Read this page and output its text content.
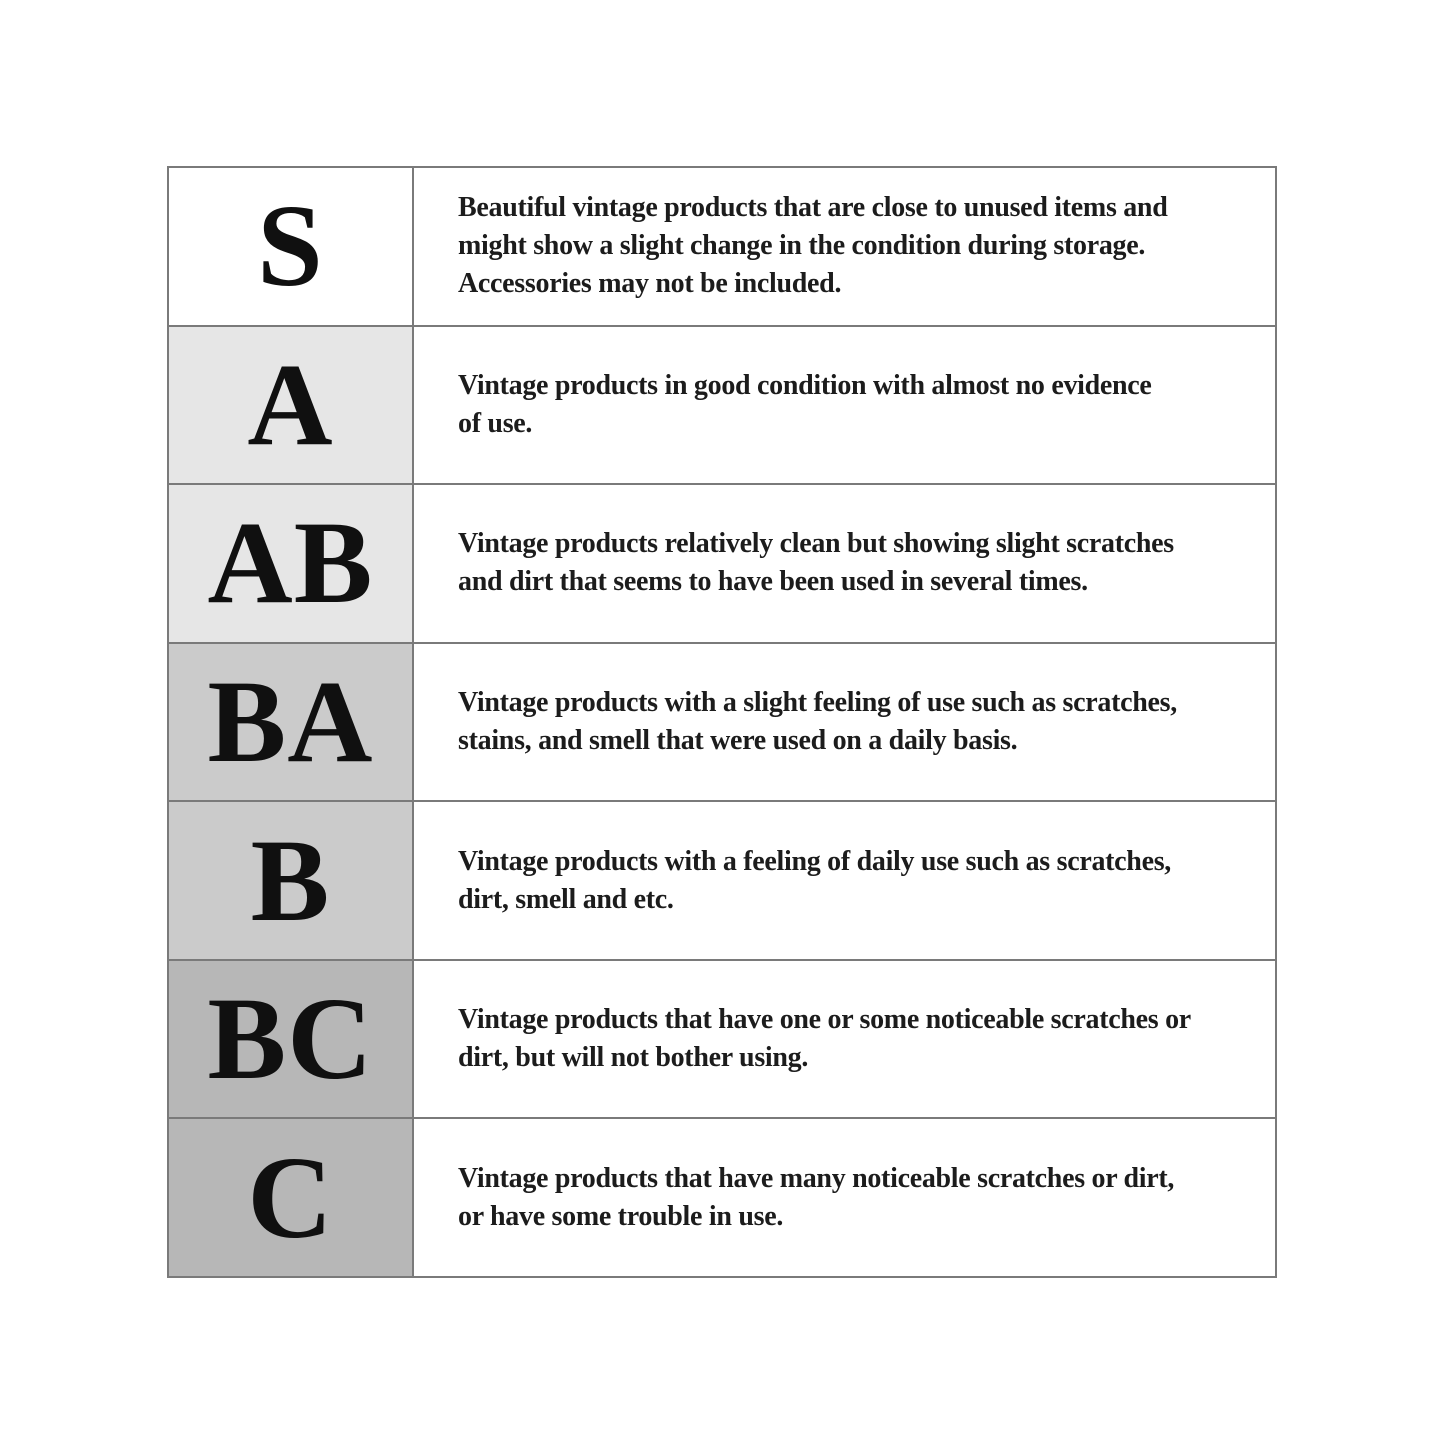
S	Beautiful vintage products that are close to unused items and
might show a slight change in the condition during storage.
Accessories may not be included.
A	Vintage products in good condition with almost no evidence
of use.
AB	Vintage products relatively clean but showing slight scratches
and dirt that seems to have been used in several times.
BA	Vintage products with a slight feeling of use such as scratches,
stains, and smell that were used on a daily basis.
B	Vintage products with a feeling of daily use such as scratches,
dirt, smell and etc.
BC	Vintage products that have one or some noticeable scratches or
dirt, but will not bother using.
C	Vintage products that have many noticeable scratches or dirt,
or have some trouble in use.
